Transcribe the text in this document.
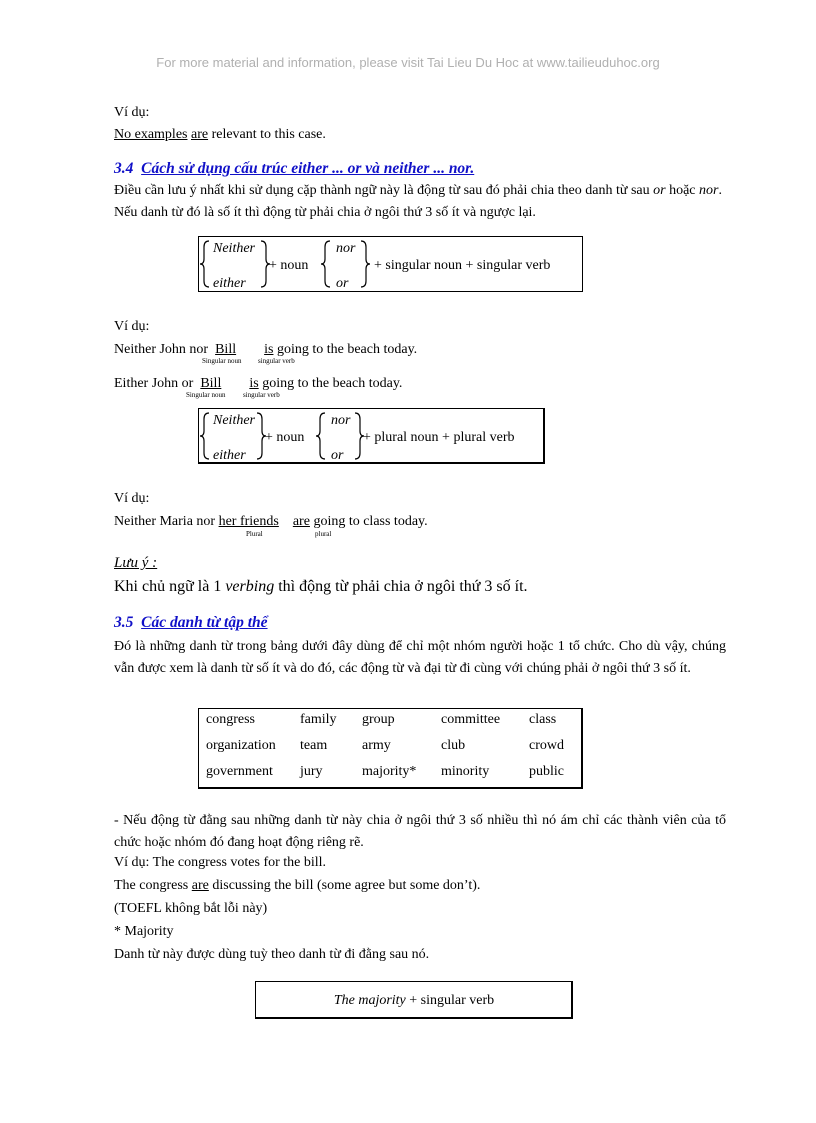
For more material and information, please visit Tai Lieu Du Hoc at www.tailieuduhoc.org
Ví dụ:
No examples are relevant to this case.
3.4 Cách sử dụng cấu trúc either ... or và neither ... nor.
Điều cần lưu ý nhất khi sử dụng cặp thành ngữ này là động từ sau đó phải chia theo danh từ sau or hoặc nor. Nếu danh từ đó là số ít thì động từ phải chia ở ngôi thứ 3 số ít và ngược lại.
Neither
either
+ noun
nor
or
+ singular noun + singular verb
Ví dụ:
Neither John nor  Bill is going to the beach today.
Singular noun singular verb
Either John or  Bill is going to the beach today.
Singular noun	singular verb
Neither
either
+ noun
nor
or
+ plural noun + plural verb
Ví dụ:
Neither Maria nor her friends are going to class today.
Plural	plural
Lưu ý :
Khi chủ ngữ là 1 verbing thì động từ phải chia ở ngôi thứ 3 số ít.
3.5 Các danh từ tập thể
Đó là những danh từ trong bảng dưới đây dùng để chỉ một nhóm người hoặc 1 tổ chức. Cho dù vậy, chúng vẫn được xem là danh từ số ít và do đó, các động từ và đại từ đi cùng với chúng phải ở ngôi thứ 3 số ít.
congress	family group	committee class
organization team army	club	crowd
government jury	majority* minority	public
- Nếu động từ đằng sau những danh từ này chia ở ngôi thứ 3 số nhiều thì nó ám chỉ các thành viên của tổ chức hoặc nhóm đó đang hoạt động riêng rẽ.
Ví dụ: The congress votes for the bill.
The congress are discussing the bill (some agree but some don’t).
(TOEFL không bắt lỗi này)
* Majority
Danh từ này được dùng tuỳ theo danh từ đi đằng sau nó.
The majority + singular verb
